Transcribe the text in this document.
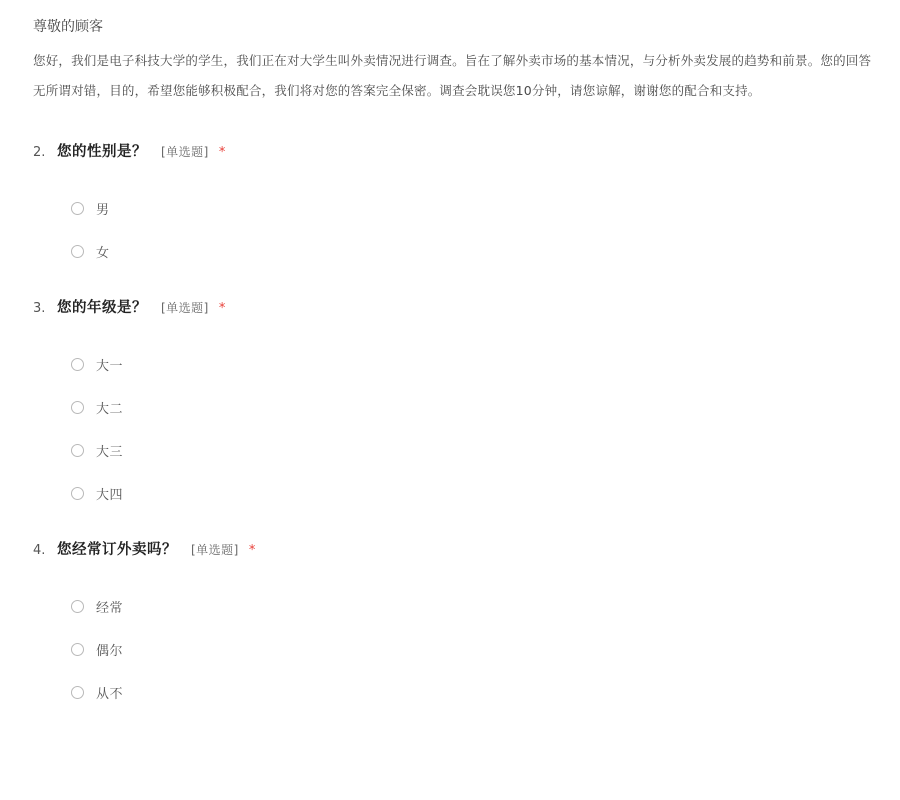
尊敬的顾客

您好，我们是电子科技大学的学生，我们正在对大学生叫外卖情况进行调查。旨在了解外卖市场的基本情况，与分析外卖发展的趋势和前景。您的回答无所谓对错，目的，希望您能够积极配合，我们将对您的答案完全保密。调查会耽误您10分钟，请您谅解，谢谢您的配合和支持。

2. 您的性别是？ [单选题] *
男
女
3. 您的年级是？ [单选题] *
大一
大二
大三
大四
4. 您经常订外卖吗？ [单选题] *
经常
偶尔
从不
